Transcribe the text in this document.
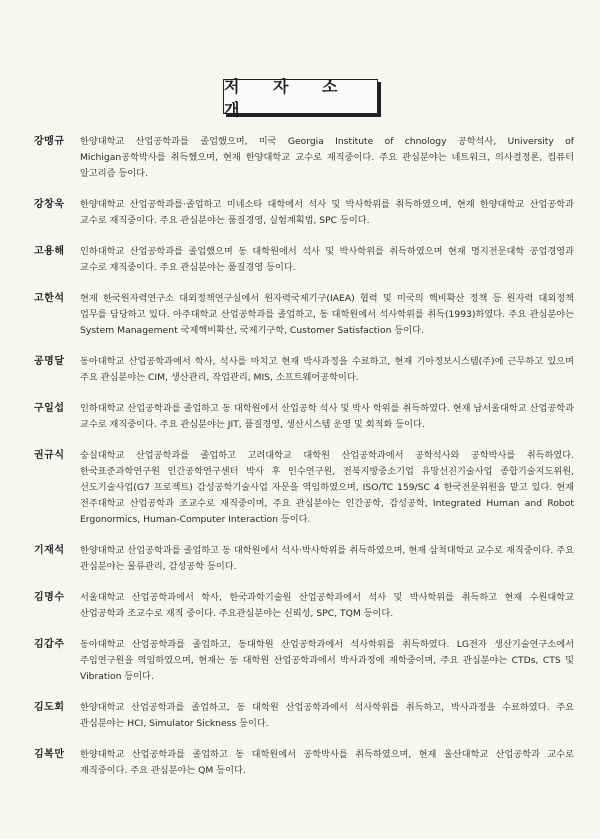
저 자 소 개
강맹규	한양대학교 산업공학과를 졸업했으며, 미국 Georgia Institute of chnology 공학석사, University of Michigan공학박사를 취득했으며, 현재 한양대학교 교수로 재직중이다. 주요 관심분야는 네트워크, 의사결정론, 컴퓨터 알고리즘 등이다.
강창욱	한양대학교 산업공학과를·졸업하고 미네소타 대학에서 석사 및 박사학위를 취득하였으며, 현재 한양대학교 산업공학과 교수로 재직중이다. 주요 관심분야는 품질경영, 실험계획법, SPC 등이다.
고용해	인하대학교 산업공학과를 졸업했으며 동 대학원에서 석사 및 박사학위를 취득하였으며 현재 명지전문대학 공업경영과 교수로 재직중이다. 주요 관심분야는 품질경영 등이다.
고한석	현재 한국원자력연구소 대외정책연구실에서 원자력국제기구(IAEA) 협력 및 미국의 핵비확산 정책 등 원자력 대외정책 업무를 담당하고 있다. 아주대학교 산업공학과를 졸업하고, 동 대학원에서 석사학위를 취득(1993)하였다. 주요 관심분야는 System Management 국제핵비확산, 국제기구학, Customer Satisfaction 등이다.
공명달	동아대학교 산업공학과에서 학사, 석사를 마치고 현재 박사과정을 수료하고, 현재 기아정보시스템(주)에 근무하고 있으며 주요 관심분야는 CIM, 생산관리, 작업관리, MIS, 소프트웨어공학이다.
구일섭	인하대학교 산업공학과를 졸업하고 동 대학원에서 산업공학 석사 및 박사 학위를 취득하였다. 현재 남서울대학교 산업공학과 교수로 재직중이다. 주요 관심분야는 JIT, 품질경영, 생산시스템 운영 및 회적화 등이다.
권규식	숭실대학교 산업공학과를 졸업하고 고려대학교 대학원 산업공학과에서 공학석사와 공학박사를 취득하였다. 한국표준과학연구원 인간공학연구센터 박사 후 인수연구원, 전북지방중소기업 유망선진기술사업 종합기술지도위원, 선도기술사업(G7 프로젝트) 감성공학기술사업 자문을 역임하였으며, ISO/TC 159/SC 4 한국전문위원을 맡고 있다. 현재 전주대학교 산업공학과 조교수로 재직중이며, 주요 관심분야는 인간공학, 감성공학, Integrated Human and Robot Ergonormics, Human-Computer Interaction 등이다.
기재석	한양대학교 산업공학과를 졸업하고 동 대학원에서 석사·박사학위를 취득하였으며, 현재 삼척대학교 교수로 재직중이다. 주요 관심분야는 물류관리, 감성공학 등이다.
김명수	서울대학교 산업공학과에서 학사, 한국과학기술원 산업공학과에서 석사 및 박사학위를 취득하고 현재 수원대학교 산업공학과 조교수로 재직 중이다. 주요관심분야는 신뢰성, SPC, TQM 등이다.
김갑주	동아대학교 산업공학과를 졸업하고, 동대학원 산업공학과에서 석사학위를 취득하였다. LG전자 생산기술연구소에서 주임연구원을 역임하였으며, 현재는 동 대학원 산업공학과에서 박사과정에 재학중이며, 주요 관심분야는 CTDs, CTS 및 Vibration 등이다.
김도회	한양대학교 산업공학과를 졸업하고, 동 대학원 산업공학과에서 석사학위를 취득하고, 박사과정을 수료하였다. 주요 관심분야는 HCI, Simulator Sickness 등이다.
김복만	한양대학교 산업공학과를 졸업하고 동 대학원에서 공학박사를 취득하였으며, 현재 울산대학교 산업공학과 교수로 재직중이다. 주요 관심분야는 QM 등이다.
